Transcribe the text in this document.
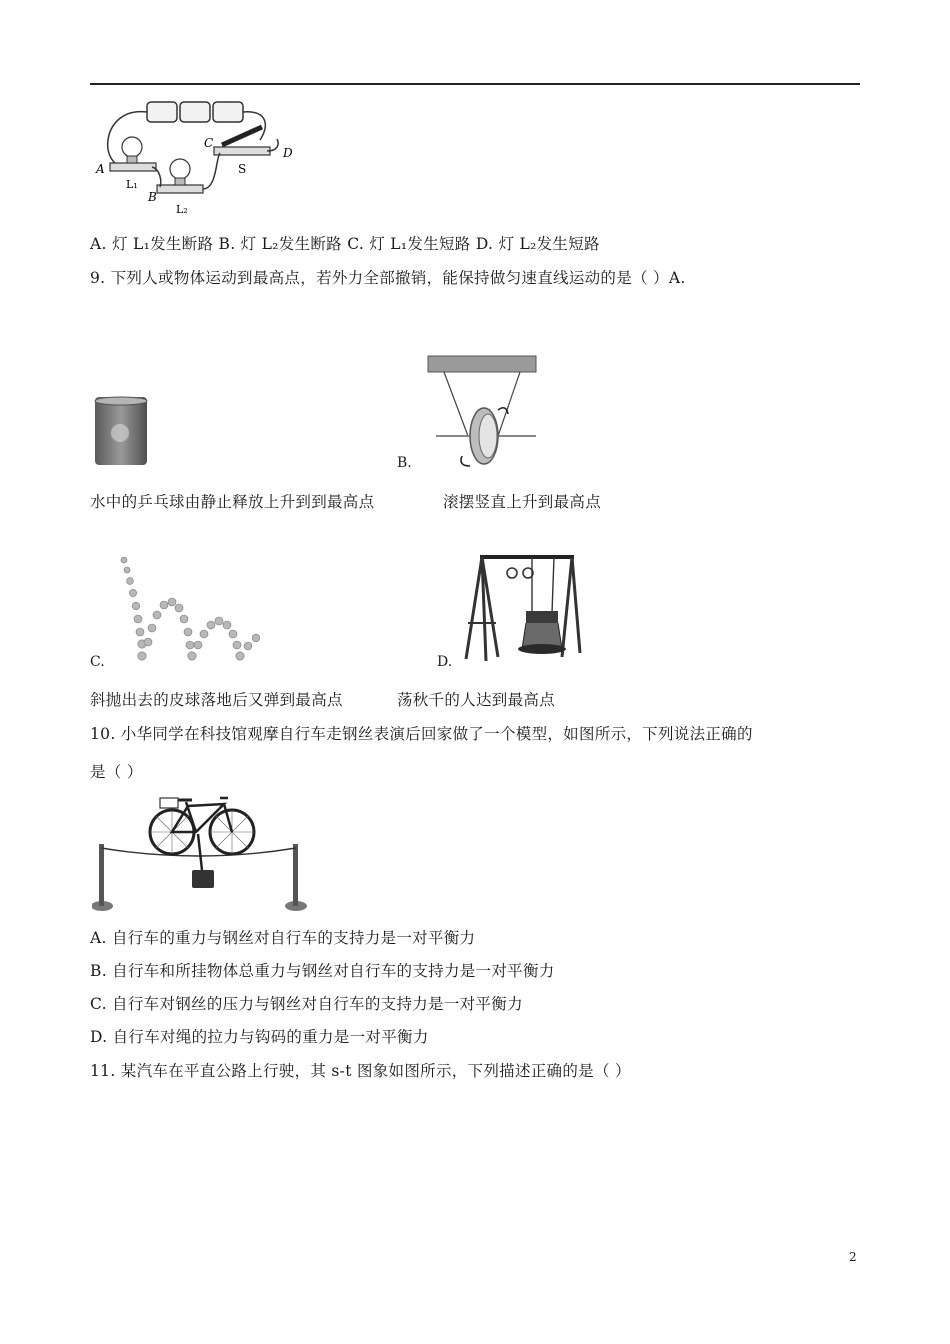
A
L₁
B
L₂
C
D
S
A. 灯 L₁发生断路 B. 灯 L₂发生断路 C. 灯 L₁发生短路 D. 灯 L₂发生短路
9. 下列人或物体运动到最高点，若外力全部撤销，能保持做匀速直线运动的是（ ）A.
B.
水中的乒乓球由静止释放上升到到最高点	滚摆竖直上升到最高点
C.	D.
斜抛出去的皮球落地后又弹到最高点	荡秋千的人达到最高点
10. 小华同学在科技馆观摩自行车走钢丝表演后回家做了一个模型，如图所示，下列说法正确的
是（ ）
A. 自行车的重力与钢丝对自行车的支持力是一对平衡力
B. 自行车和所挂物体总重力与钢丝对自行车的支持力是一对平衡力
C. 自行车对钢丝的压力与钢丝对自行车的支持力是一对平衡力
D. 自行车对绳的拉力与钩码的重力是一对平衡力
11. 某汽车在平直公路上行驶，其 s-t 图象如图所示，下列描述正确的是（ ）
2
